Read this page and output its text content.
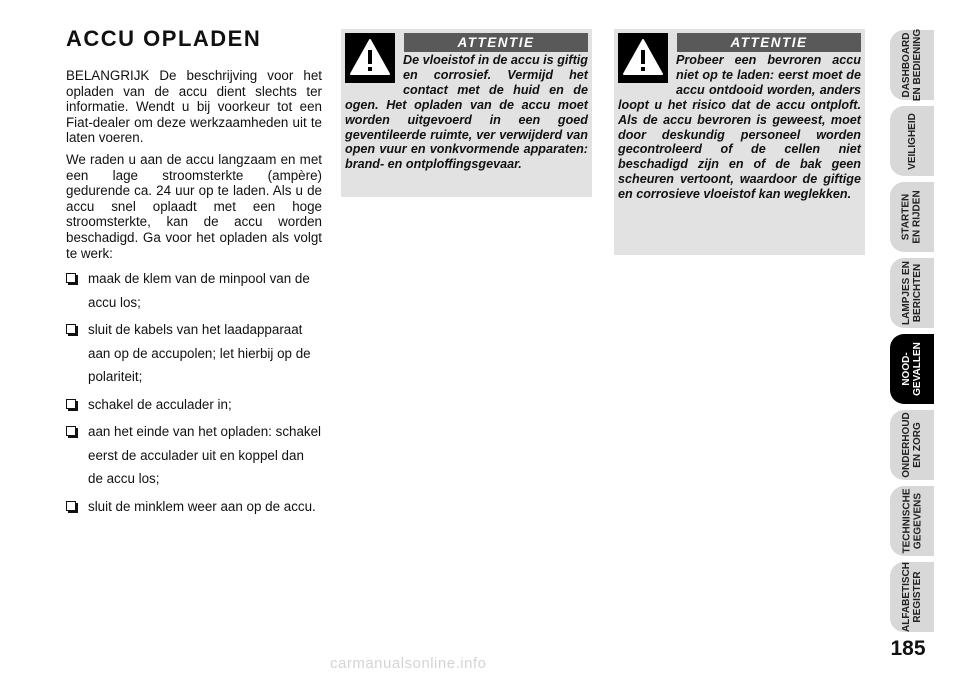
ACCU OPLADEN

BELANGRIJK De beschrijving voor het opladen van de accu dient slechts ter informatie. Wendt u bij voorkeur tot een Fiat-dealer om deze werkzaamheden uit te laten voeren.

We raden u aan de accu langzaam en met een lage stroomsterkte (ampère) gedurende ca. 24 uur op te laden. Als u de accu snel oplaadt met een hoge stroomsterkte, kan de accu worden beschadigd. Ga voor het opladen als volgt te werk:

maak de klem van de minpool van de accu los;
sluit de kabels van het laadapparaat aan op de accupolen; let hierbij op de polariteit;
schakel de acculader in;
aan het einde van het opladen: schakel eerst de acculader uit en koppel dan de accu los;
sluit de minklem weer aan op de accu.
ATTENTIE

De vloeistof in de accu is giftig en corrosief. Vermijd het contact met de huid en de ogen. Het opladen van de accu moet worden uitgevoerd in een goed geventileerde ruimte, ver verwijderd van open vuur en vonkvormende apparaten: brand- en ontploffingsgevaar.

ATTENTIE

Probeer een bevroren accu niet op te laden: eerst moet de accu ontdooid worden, anders loopt u het risico dat de accu ontploft. Als de accu bevroren is geweest, moet door deskundig personeel worden gecontroleerd of de cellen niet beschadigd zijn en of de bak geen scheuren vertoont, waardoor de giftige en corrosieve vloeistof kan weglekken.

DASHBOARD
EN BEDIENING
VEILIGHEID
STARTEN
EN RIJDEN
LAMPJES EN
BERICHTEN
NOOD-
GEVALLEN
ONDERHOUD
EN ZORG
TECHNISCHE
GEGEVENS
ALFABETISCH
REGISTER
185
carmanualsonline.info
